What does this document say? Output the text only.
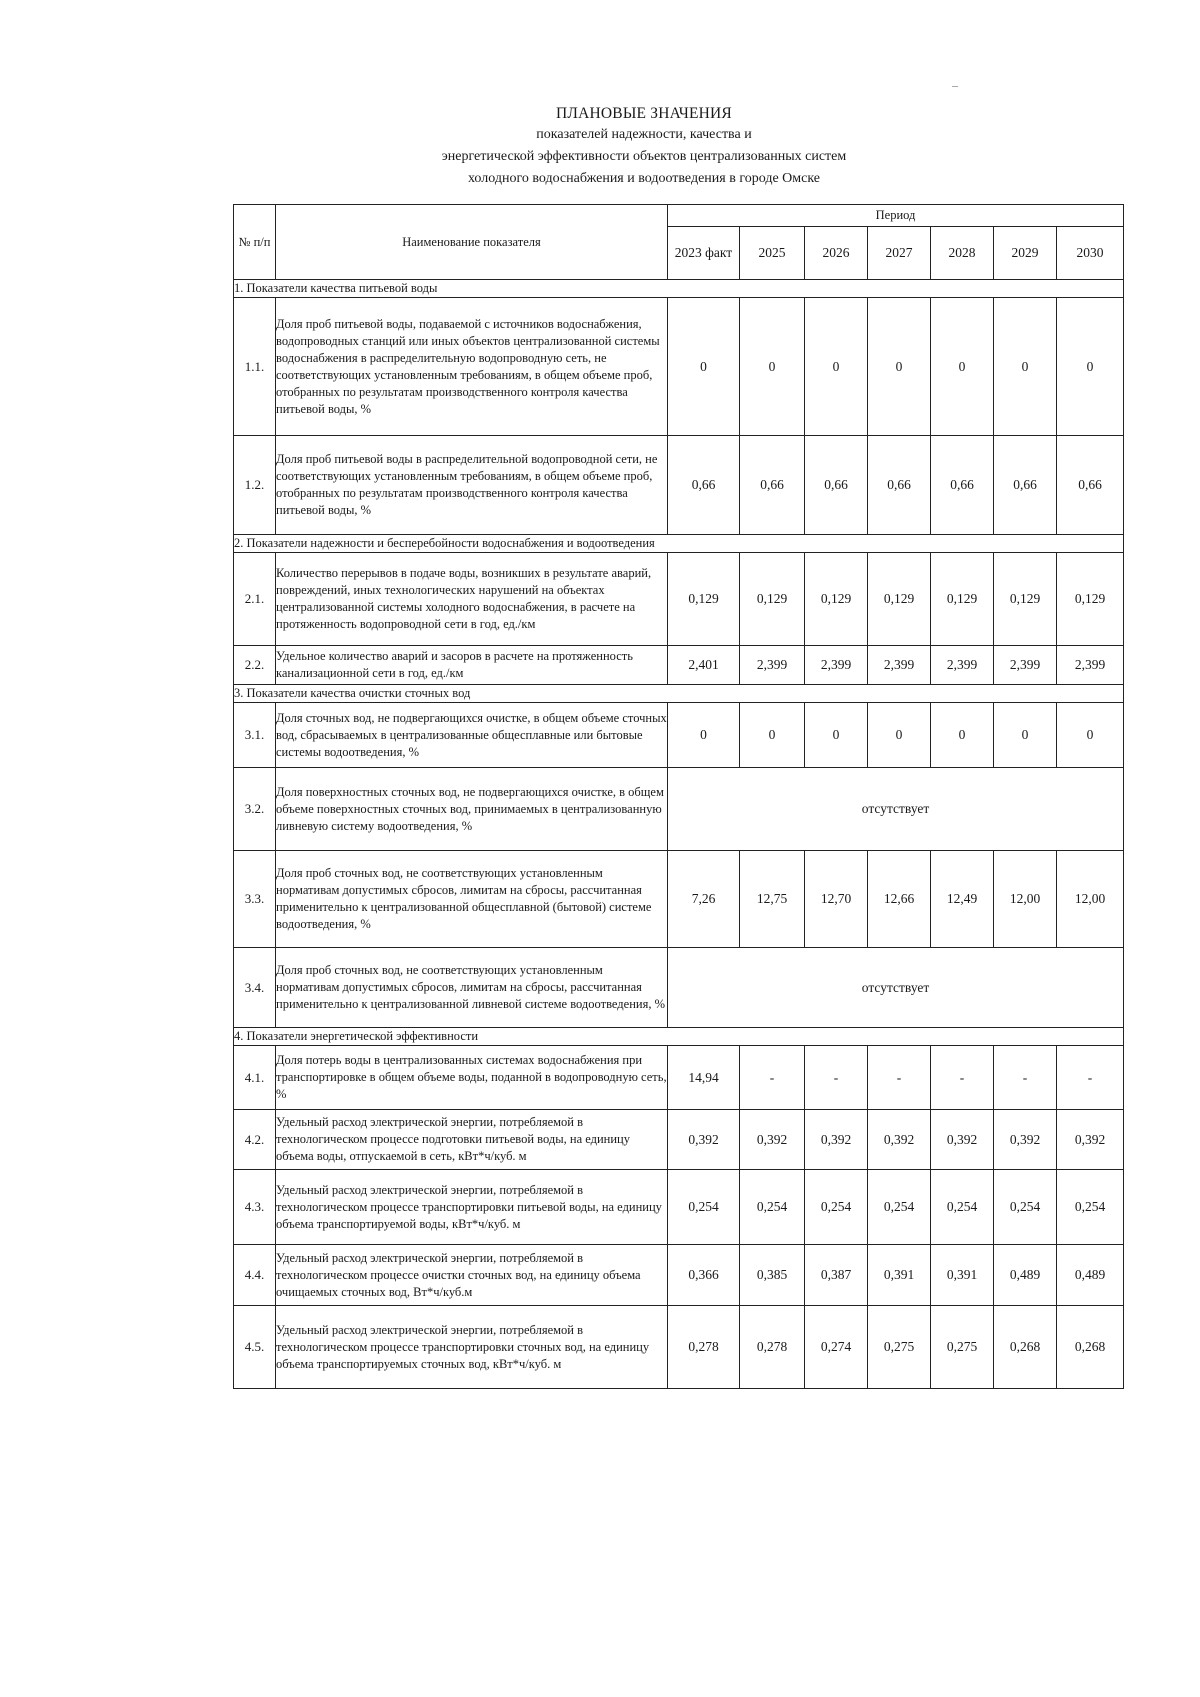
ПЛАНОВЫЕ ЗНАЧЕНИЯ
показателей надежности, качества и
энергетической эффективности объектов централизованных систем
холодного водоснабжения и водоотведения в городе Омске
№ п/п	Наименование показателя	Период						
		2023 факт	2025	2026	2027	2028	2029	2030
1. Показатели качества питьевой воды								
1.1.	Доля проб питьевой воды, подаваемой с источников водоснабжения, водопроводных станций или иных объектов централизованной системы водоснабжения в распределительную водопроводную сеть, не соответствующих установленным требованиям, в общем объеме проб, отобранных по результатам производственного контроля качества питьевой воды, %	0	0	0	0	0	0	0
1.2.	Доля проб питьевой воды в распределительной водопроводной сети, не соответствующих установленным требованиям, в общем объеме проб, отобранных по результатам производственного контроля качества питьевой воды, %	0,66	0,66	0,66	0,66	0,66	0,66	0,66
2. Показатели надежности и бесперебойности водоснабжения и водоотведения								
2.1.	Количество перерывов в подаче воды, возникших в результате аварий, повреждений, иных технологических нарушений на объектах централизованной системы холодного водоснабжения, в расчете на протяженность водопроводной сети в год, ед./км	0,129	0,129	0,129	0,129	0,129	0,129	0,129
2.2.	Удельное количество аварий и засоров в расчете на протяженность канализационной сети в год, ед./км	2,401	2,399	2,399	2,399	2,399	2,399	2,399
3. Показатели качества очистки сточных вод								
3.1.	Доля сточных вод, не подвергающихся очистке, в общем объеме сточных вод, сбрасываемых в централизованные общесплавные или бытовые системы водоотведения, %	0	0	0	0	0	0	0
3.2.	Доля поверхностных сточных вод, не подвергающихся очистке, в общем объеме поверхностных сточных вод, принимаемых в централизованную ливневую систему водоотведения, %	отсутствует						
3.3.	Доля проб сточных вод, не соответствующих установленным нормативам допустимых сбросов, лимитам на сбросы, рассчитанная применительно к централизованной общесплавной (бытовой) системе водоотведения, %	7,26	12,75	12,70	12,66	12,49	12,00	12,00
3.4.	Доля проб сточных вод, не соответствующих установленным нормативам допустимых сбросов, лимитам на сбросы, рассчитанная применительно к централизованной ливневой системе водоотведения, %	отсутствует						
4. Показатели энергетической эффективности								
4.1.	Доля потерь воды в централизованных системах водоснабжения при транспортировке в общем объеме воды, поданной в водопроводную сеть, %	14,94	-	-	-	-	-	-
4.2.	Удельный расход электрической энергии, потребляемой в технологическом процессе подготовки питьевой воды, на единицу объема воды, отпускаемой в сеть, кВт*ч/куб. м	0,392	0,392	0,392	0,392	0,392	0,392	0,392
4.3.	Удельный расход электрической энергии, потребляемой в технологическом процессе транспортировки питьевой воды, на единицу объема транспортируемой воды, кВт*ч/куб. м	0,254	0,254	0,254	0,254	0,254	0,254	0,254
4.4.	Удельный расход электрической энергии, потребляемой в технологическом процессе очистки сточных вод, на единицу объема очищаемых сточных вод, Вт*ч/куб.м	0,366	0,385	0,387	0,391	0,391	0,489	0,489
4.5.	Удельный расход электрической энергии, потребляемой в технологическом процессе транспортировки сточных вод, на единицу объема транспортируемых сточных вод, кВт*ч/куб. м	0,278	0,278	0,274	0,275	0,275	0,268	0,268
